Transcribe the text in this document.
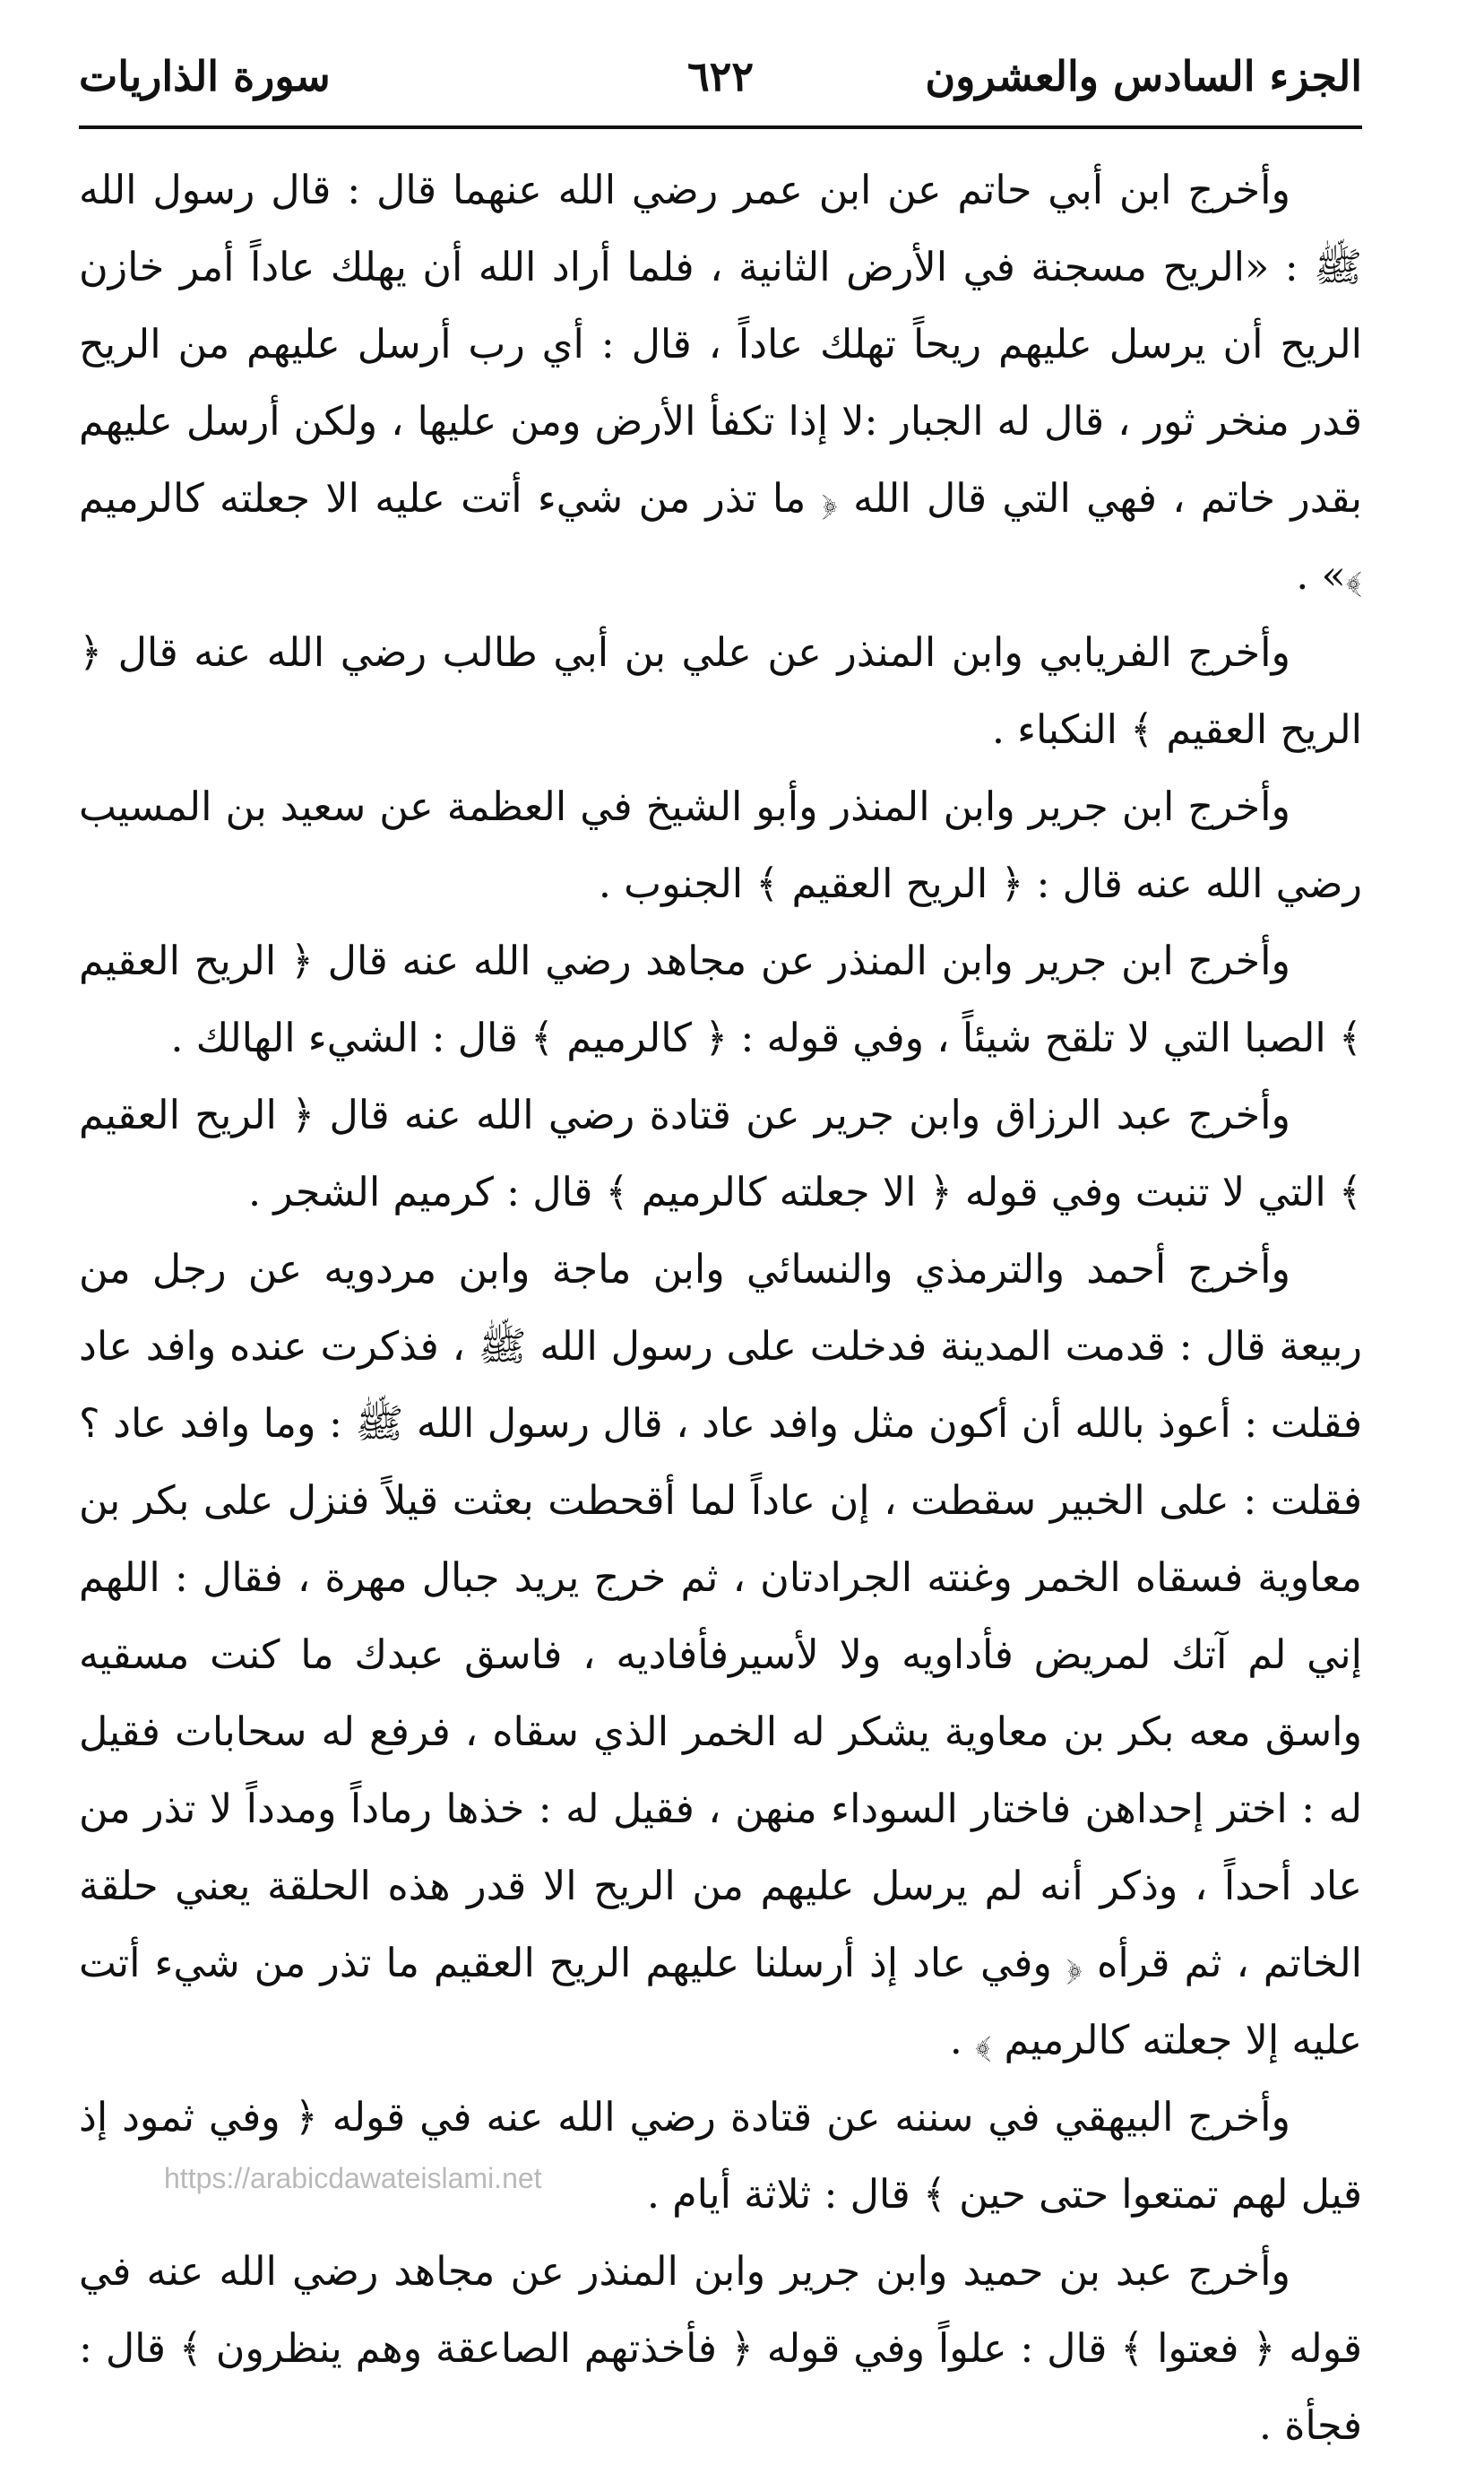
الجزء السادس والعشرون
٦٢٢
سورة الذاريات

وأخرج ابن أبي حاتم عن ابن عمر رضي الله عنهما قال : قال رسول الله ﷺ : «الريح مسجنة في الأرض الثانية ، فلما أراد الله أن يهلك عاداً أمر خازن الريح أن يرسل عليهم ريحاً تهلك عاداً ، قال : أي رب أرسل عليهم من الريح قدر منخر ثور ، قال له الجبار :لا إذا تكفأ الأرض ومن عليها ، ولكن أرسل عليهم بقدر خاتم ، فهي التي قال الله ﴿ ما تذر من شيء أتت عليه الا جعلته كالرميم ﴾» .

وأخرج الفريابي وابن المنذر عن علي بن أبي طالب رضي الله عنه قال ﴿ الريح العقيم ﴾ النكباء .

وأخرج ابن جرير وابن المنذر وأبو الشيخ في العظمة عن سعيد بن المسيب رضي الله عنه قال : ﴿ الريح العقيم ﴾ الجنوب .

وأخرج ابن جرير وابن المنذر عن مجاهد رضي الله عنه قال ﴿ الريح العقيم ﴾ الصبا التي لا تلقح شيئاً ، وفي قوله : ﴿ كالرميم ﴾ قال : الشيء الهالك .

وأخرج عبد الرزاق وابن جرير عن قتادة رضي الله عنه قال ﴿ الريح العقيم ﴾ التي لا تنبت وفي قوله ﴿ الا جعلته كالرميم ﴾ قال : كرميم الشجر .

وأخرج أحمد والترمذي والنسائي وابن ماجة وابن مردويه عن رجل من ربيعة قال : قدمت المدينة فدخلت على رسول الله ﷺ ، فذكرت عنده وافد عاد فقلت : أعوذ بالله أن أكون مثل وافد عاد ، قال رسول الله ﷺ : وما وافد عاد ؟ فقلت : على الخبير سقطت ، إن عاداً لما أقحطت بعثت قيلاً فنزل على بكر بن معاوية فسقاه الخمر وغنته الجرادتان ، ثم خرج يريد جبال مهرة ، فقال : اللهم إني لم آتك لمريض فأداويه ولا لأسيرفأفاديه ، فاسق عبدك ما كنت مسقيه واسق معه بكر بن معاوية يشكر له الخمر الذي سقاه ، فرفع له سحابات فقيل له : اختر إحداهن فاختار السوداء منهن ، فقيل له : خذها رماداً ومدداً لا تذر من عاد أحداً ، وذكر أنه لم يرسل عليهم من الريح الا قدر هذه الحلقة يعني حلقة الخاتم ، ثم قرأه ﴿ وفي عاد إذ أرسلنا عليهم الريح العقيم ما تذر من شيء أتت عليه إلا جعلته كالرميم ﴾ .

وأخرج البيهقي في سننه عن قتادة رضي الله عنه في قوله ﴿ وفي ثمود إذ قيل لهم تمتعوا حتى حين ﴾ قال : ثلاثة أيام .

وأخرج عبد بن حميد وابن جرير وابن المنذر عن مجاهد رضي الله عنه في قوله ﴿ فعتوا ﴾ قال : علواً وفي قوله ﴿ فأخذتهم الصاعقة وهم ينظرون ﴾ قال : فجأة .

https://arabicdawateislami.net
